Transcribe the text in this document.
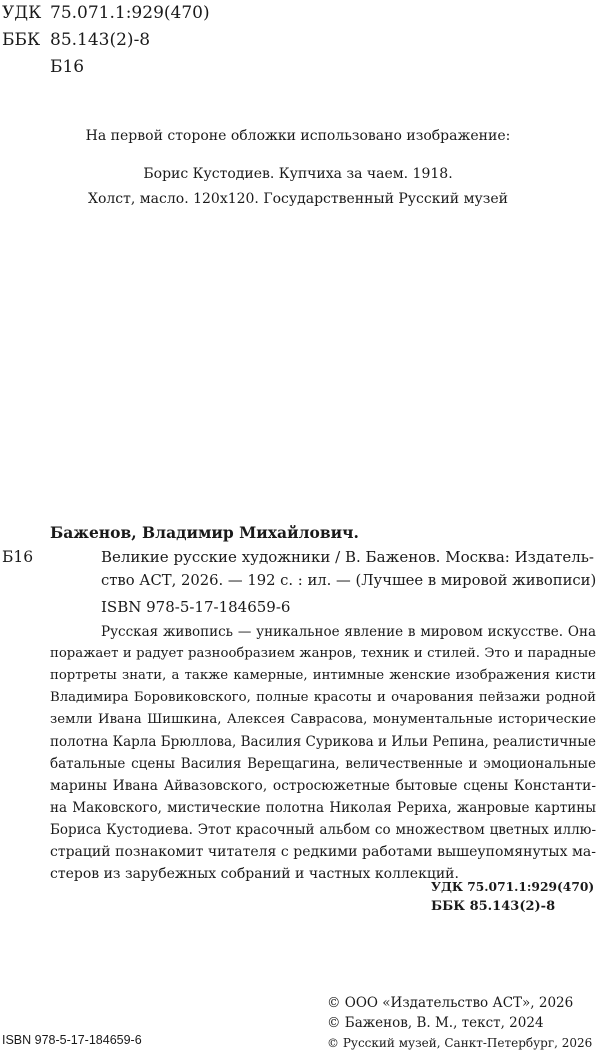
УДК 75.071.1:929(470)
ББК 85.143(2)-8
Б16
На первой стороне обложки использовано изображение:
Борис Кустодиев. Купчиха за чаем. 1918.
Холст, масло. 120х120. Государственный Русский музей
Б16
Баженов, Владимир Михайлович.
Великие русские художники / В. Баженов. Москва: Издатель-
ство АСТ, 2026. — 192 с. : ил. — (Лучшее в мировой живописи)
ISBN 978-5-17-184659-6
Русская живопись — уникальное явление в мировом искусстве. Она
поражает и радует разнообразием жанров, техник и стилей. Это и парадные
портреты знати, а также камерные, интимные женские изображения кисти
Владимира Боровиковского, полные красоты и очарования пейзажи родной
земли Ивана Шишкина, Алексея Саврасова, монументальные исторические
полотна Карла Брюллова, Василия Сурикова и Ильи Репина, реалистичные
батальные сцены Василия Верещагина, величественные и эмоциональные
марины Ивана Айвазовского, остросюжетные бытовые сцены Константи-
на Маковского, мистические полотна Николая Рериха, жанровые картины
Бориса Кустодиева. Этот красочный альбом со множеством цветных иллю-
страций познакомит читателя с редкими работами вышеупомянутых ма-
стеров из зарубежных собраний и частных коллекций.
УДК 75.071.1:929(470)
ББК 85.143(2)-8
ISBN 978-5-17-184659-6
© ООО «Издательство АСТ», 2026
© Баженов, В. М., текст, 2024
© Русский музей, Санкт-Петербург, 2026
